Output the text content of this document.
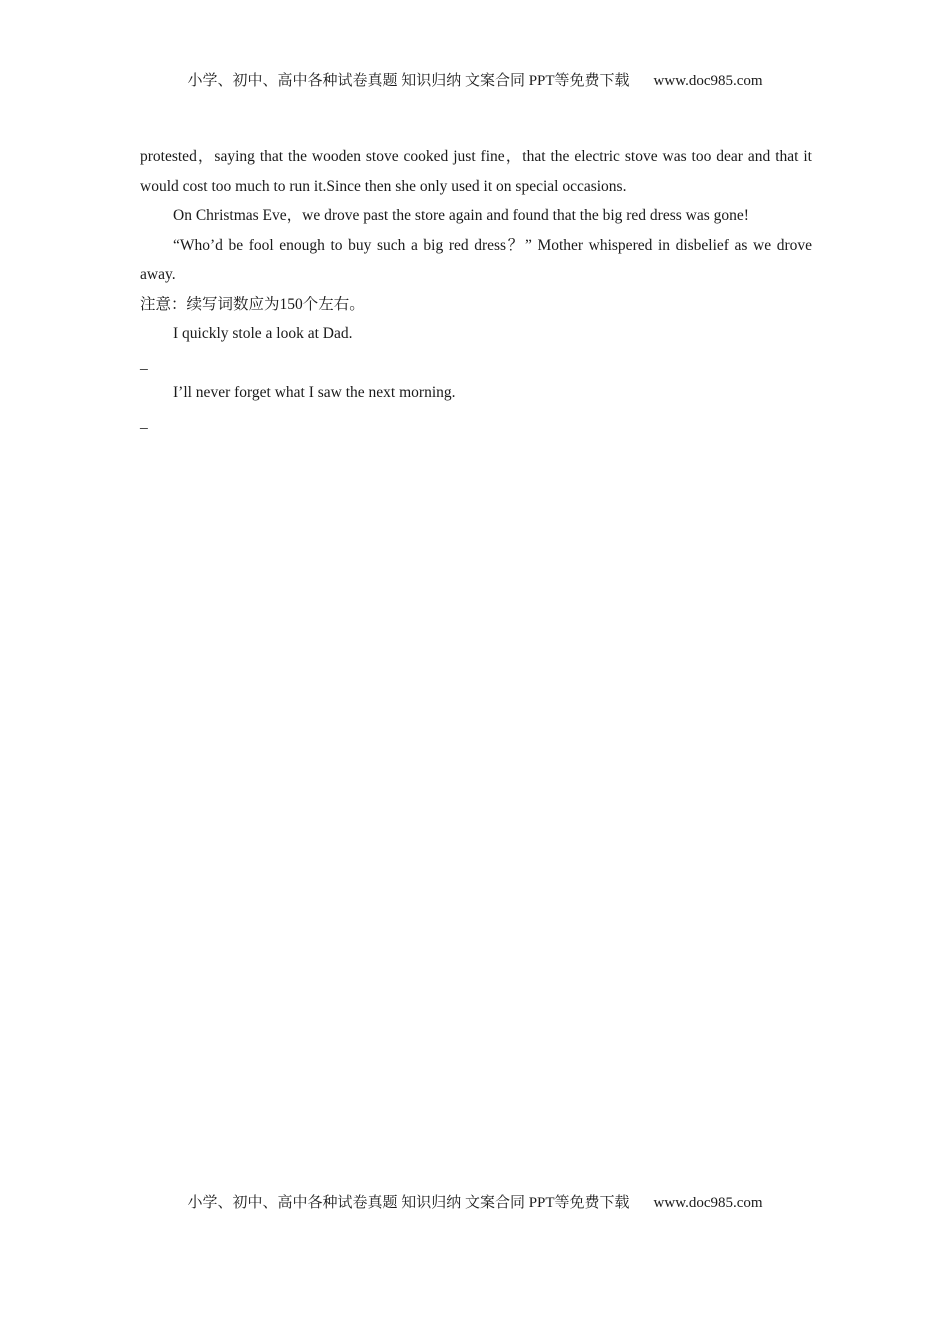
小学、初中、高中各种试卷真题 知识归纳 文案合同 PPT等免费下载 www.doc985.com

protested，saying that the wooden stove cooked just fine，that the electric stove was too dear and that it would cost too much to run it.Since then she only used it on special occasions.

On Christmas Eve，we drove past the store again and found that the big red dress was gone!

“Who’d be fool enough to buy such a big red dress？” Mother whispered in disbelief as we drove away.

注意：续写词数应为150个左右。

I quickly stole a look at Dad.

_

I’ll never forget what I saw the next morning.

_

小学、初中、高中各种试卷真题 知识归纳 文案合同 PPT等免费下载 www.doc985.com
